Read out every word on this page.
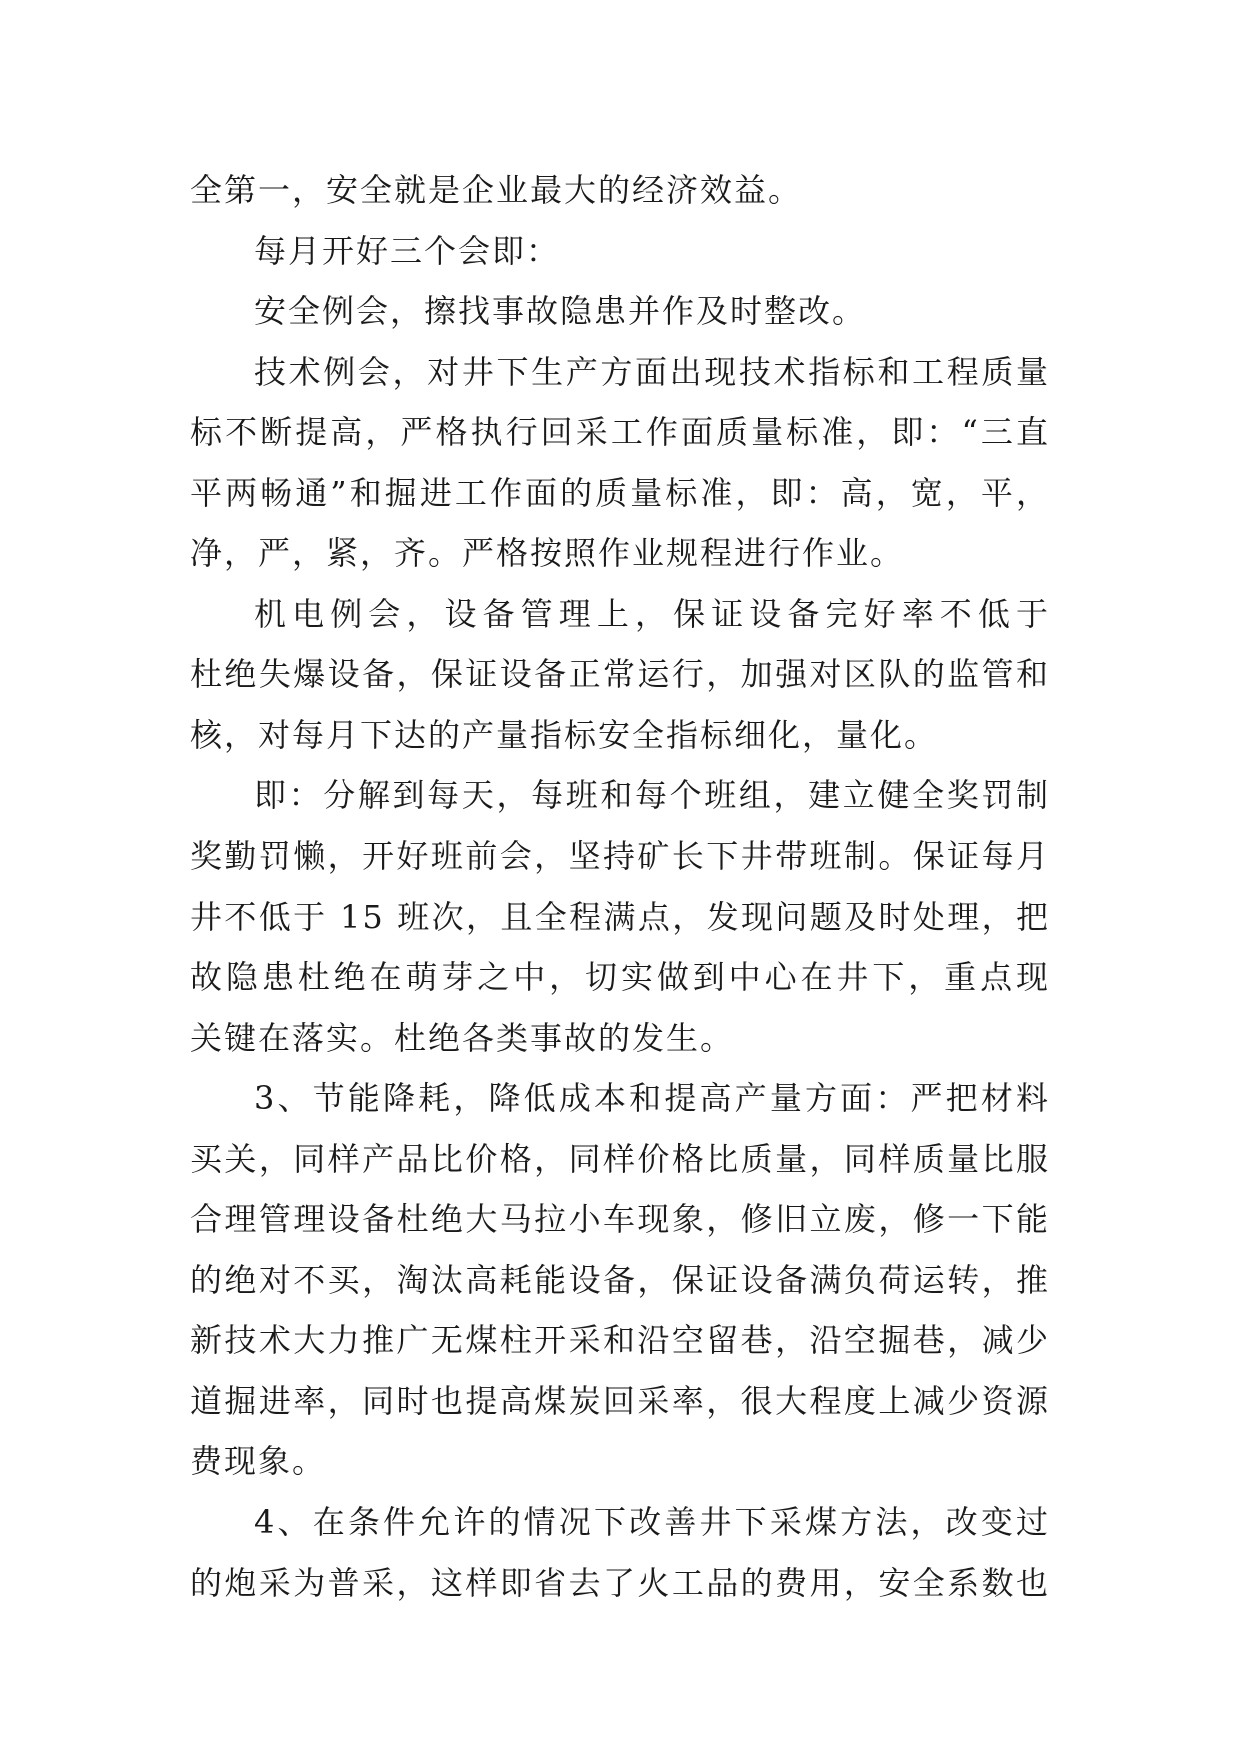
全第一，安全就是企业最大的经济效益。
每月开好三个会即：
安全例会，擦找事故隐患并作及时整改。
技术例会，对井下生产方面出现技术指标和工程质量
标不断提高，严格执行回采工作面质量标准，即：“三直
平两畅通”和掘进工作面的质量标准，即：高，宽，平，
净，严，紧，齐。严格按照作业规程进行作业。
机电例会，设备管理上，保证设备完好率不低于
杜绝失爆设备，保证设备正常运行，加强对区队的监管和
核，对每月下达的产量指标安全指标细化，量化。
即：分解到每天，每班和每个班组，建立健全奖罚制
奖勤罚懒，开好班前会，坚持矿长下井带班制。保证每月
井不低于 15 班次，且全程满点，发现问题及时处理，把
故隐患杜绝在萌芽之中，切实做到中心在井下，重点现
关键在落实。杜绝各类事故的发生。
3、节能降耗，降低成本和提高产量方面：严把材料
买关，同样产品比价格，同样价格比质量，同样质量比服
合理管理设备杜绝大马拉小车现象，修旧立废，修一下能
的绝对不买，淘汰高耗能设备，保证设备满负荷运转，推
新技术大力推广无煤柱开采和沿空留巷，沿空掘巷，减少
道掘进率，同时也提高煤炭回采率，很大程度上减少资源
费现象。
4、在条件允许的情况下改善井下采煤方法，改变过
的炮采为普采，这样即省去了火工品的费用，安全系数也
